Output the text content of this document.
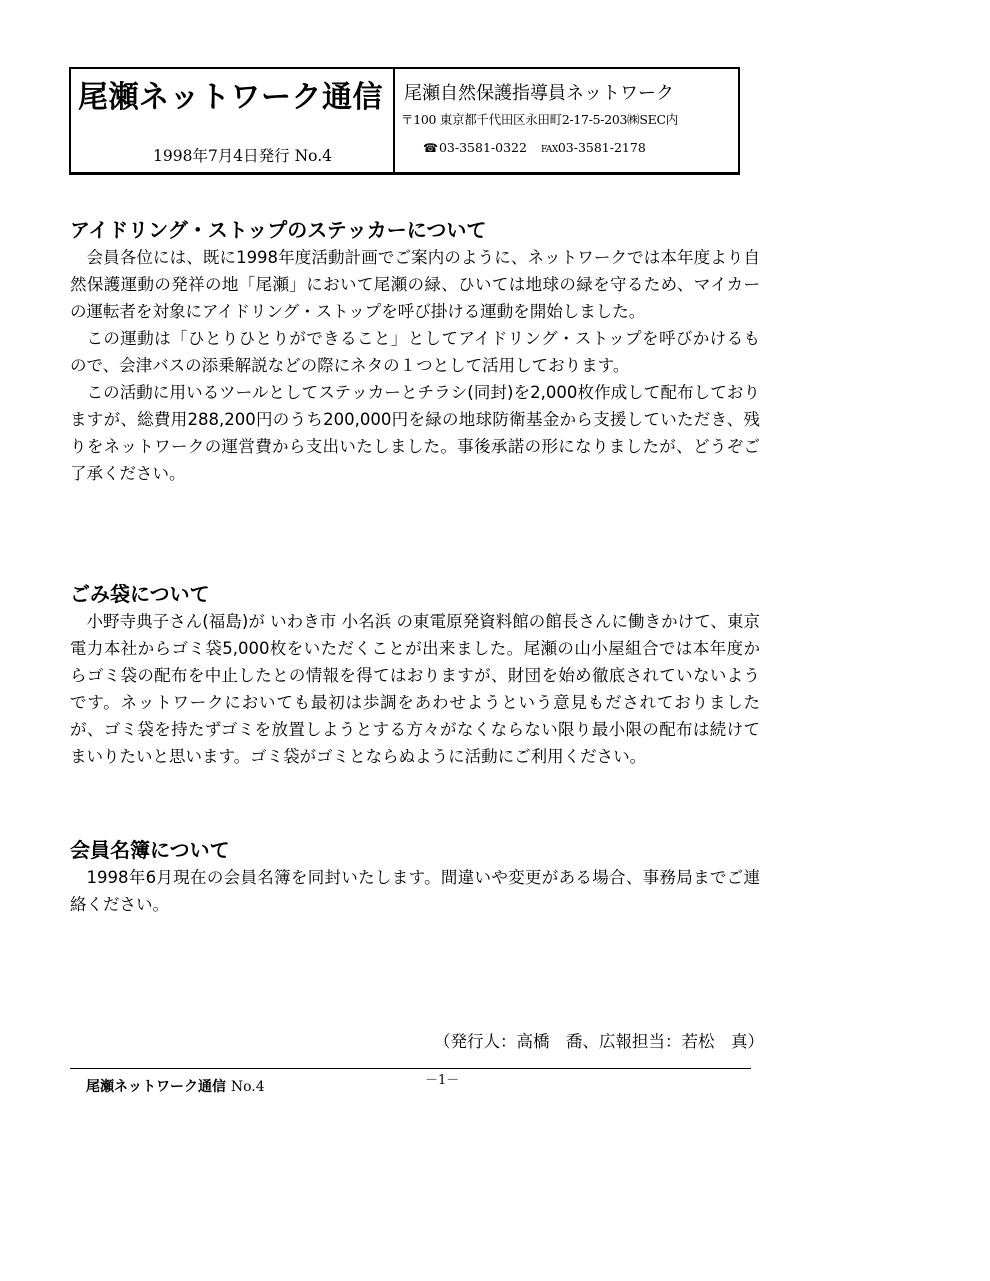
尾瀬ネットワーク通信
1998年7月4日発行 No.4
尾瀬自然保護指導員ネットワーク
〒100 東京都千代田区永田町2-17-5-203㈱SEC内
☎03-3581-0322 FAX03-3581-2178
アイドリング・ストップのステッカーについて

会員各位には、既に1998年度活動計画でご案内のように、ネットワークでは本年度より自然保護運動の発祥の地「尾瀬」において尾瀬の緑、ひいては地球の緑を守るため、マイカーの運転者を対象にアイドリング・ストップを呼び掛ける運動を開始しました。

この運動は「ひとりひとりができること」としてアイドリング・ストップを呼びかけるもので、会津バスの添乗解説などの際にネタの１つとして活用しております。

この活動に用いるツールとしてステッカーとチラシ(同封)を2,000枚作成して配布しておりますが、総費用288,200円のうち200,000円を緑の地球防衛基金から支援していただき、残りをネットワークの運営費から支出いたしました。事後承諾の形になりましたが、どうぞご了承ください。

ごみ袋について

小野寺典子さん(福島)が いわき市 小名浜 の東電原発資料館の館長さんに働きかけて、東京電力本社からゴミ袋5,000枚をいただくことが出来ました。尾瀬の山小屋組合では本年度からゴミ袋の配布を中止したとの情報を得てはおりますが、財団を始め徹底されていないようです。ネットワークにおいても最初は歩調をあわせようという意見もだされておりましたが、ゴミ袋を持たずゴミを放置しようとする方々がなくならない限り最小限の配布は続けてまいりたいと思います。ゴミ袋がゴミとならぬように活動にご利用ください。

会員名簿について

1998年6月現在の会員名簿を同封いたします。間違いや変更がある場合、事務局までご連絡ください。

（発行人：高橋　喬、広報担当：若松　真）
尾瀬ネットワーク通信 No.4	－1－
